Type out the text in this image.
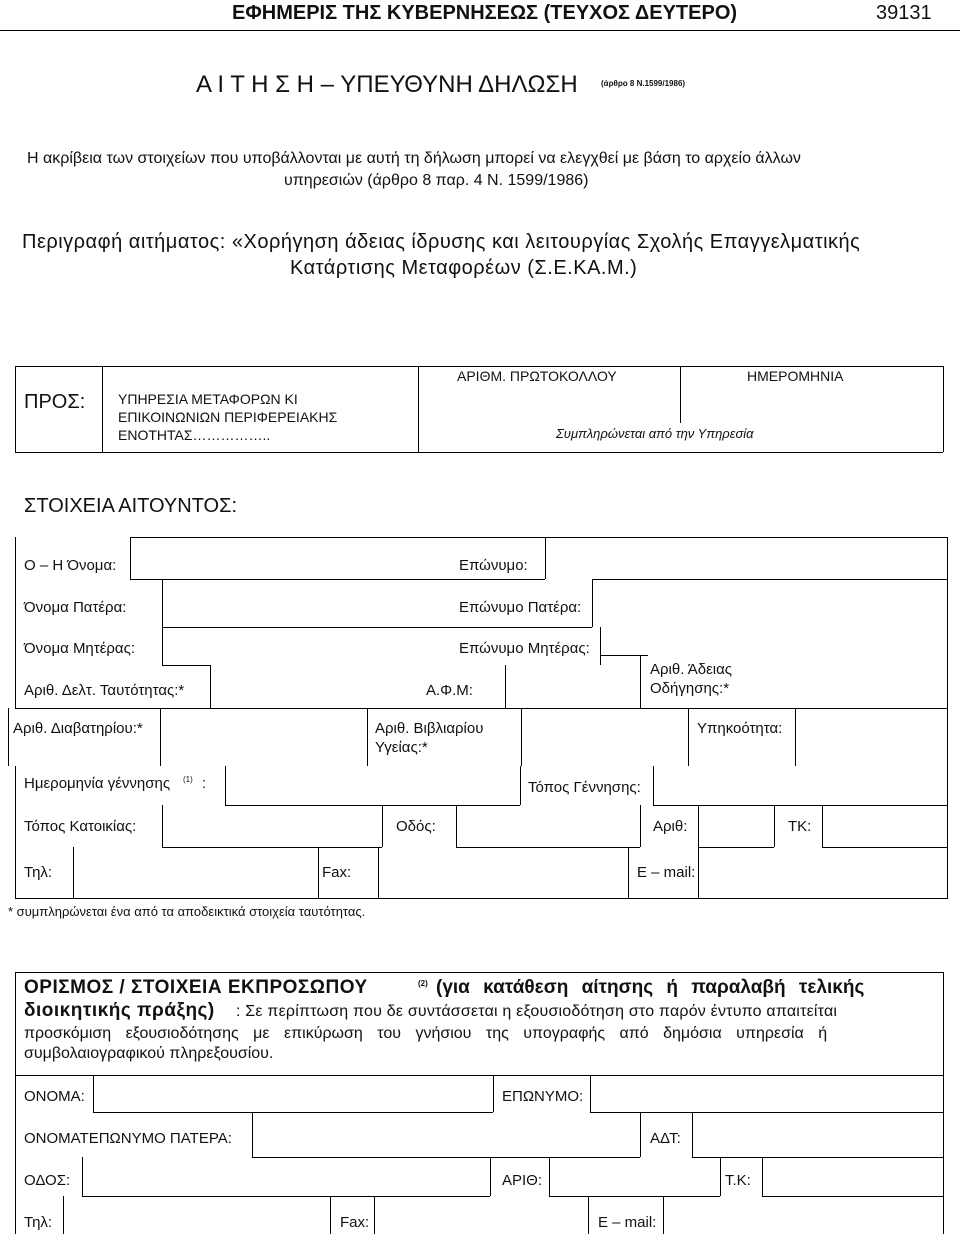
ΕΦΗΜΕΡΙΣ ΤΗΣ ΚΥΒΕΡΝΗΣΕΩΣ (ΤΕΥΧΟΣ ΔΕΥΤΕΡΟ)	39131
Α Ι Τ Η Σ Η – ΥΠΕΥΘΥΝΗ ΔΗΛΩΣΗ	(άρθρο 8 Ν.1599/1986)
Η ακρίβεια των στοιχείων που υποβάλλονται με αυτή τη δήλωση μπορεί να ελεγχθεί με βάση το αρχείο άλλων
υπηρεσιών (άρθρο 8 παρ. 4 Ν. 1599/1986)
Περιγραφή αιτήματος: «Χορήγηση άδειας ίδρυσης και λειτουργίας Σχολής Επαγγελματικής
Κατάρτισης Μεταφορέων (Σ.Ε.ΚΑ.Μ.)
ΠΡΟΣ: ΥΠΗΡΕΣΙΑ ΜΕΤΑΦΟΡΩΝ ΚΙ
ΕΠΙΚΟΙΝΩΝΙΩΝ ΠΕΡΙΦΕΡΕΙΑΚΗΣ
ΕΝΟΤΗΤΑΣ……………..
ΑΡΙΘΜ. ΠΡΩΤΟΚΟΛΛΟΥ	ΗΜΕΡΟΜΗΝΙΑ
Συμπληρώνεται από την Υπηρεσία
ΣΤΟΙΧΕΙΑ ΑΙΤΟΥΝΤΟΣ:
Ο – Η Όνομα:	Επώνυμο:
Όνομα Πατέρα:	Επώνυμο Πατέρα:
Όνομα Μητέρας:	Επώνυμο Μητέρας:
Αριθ. Δελτ. Ταυτότητας:*	Α.Φ.Μ:
Αριθ. Άδειας
Οδήγησης:*
Αριθ. Διαβατηρίου:*	Αριθ. Βιβλιαρίου
Υγείας:*
Υπηκοότητα:
Ημερομηνία γέννησης (1) :	Τόπος Γέννησης:
Τόπος Κατοικίας:	Οδός:	Αριθ:	ΤΚ:
Τηλ:	Fax:	E – mail:
* συμπληρώνεται ένα από τα αποδεικτικά στοιχεία ταυτότητας.
ΟΡΙΣΜΟΣ / ΣΤΟΙΧΕΙΑ ΕΚΠΡΟΣΩΠΟΥ	(2) (για κατάθεση αίτησης ή παραλαβή τελικής
διοικητικής πράξης) : Σε περίπτωση που δε συντάσσεται η εξουσιοδότηση στο παρόν έντυπο απαιτείται
προσκόμιση εξουσιοδότησης με επικύρωση του γνήσιου της υπογραφής από δημόσια υπηρεσία ή
συμβολαιογραφικού πληρεξουσίου.
ΟΝΟΜΑ:	ΕΠΩΝΥΜΟ:
ΟΝΟΜΑΤΕΠΩΝΥΜΟ ΠΑΤΕΡΑ:	ΑΔΤ:
ΟΔΟΣ:	ΑΡΙΘ:	Τ.Κ:
Τηλ:	Fax:	E – mail:
